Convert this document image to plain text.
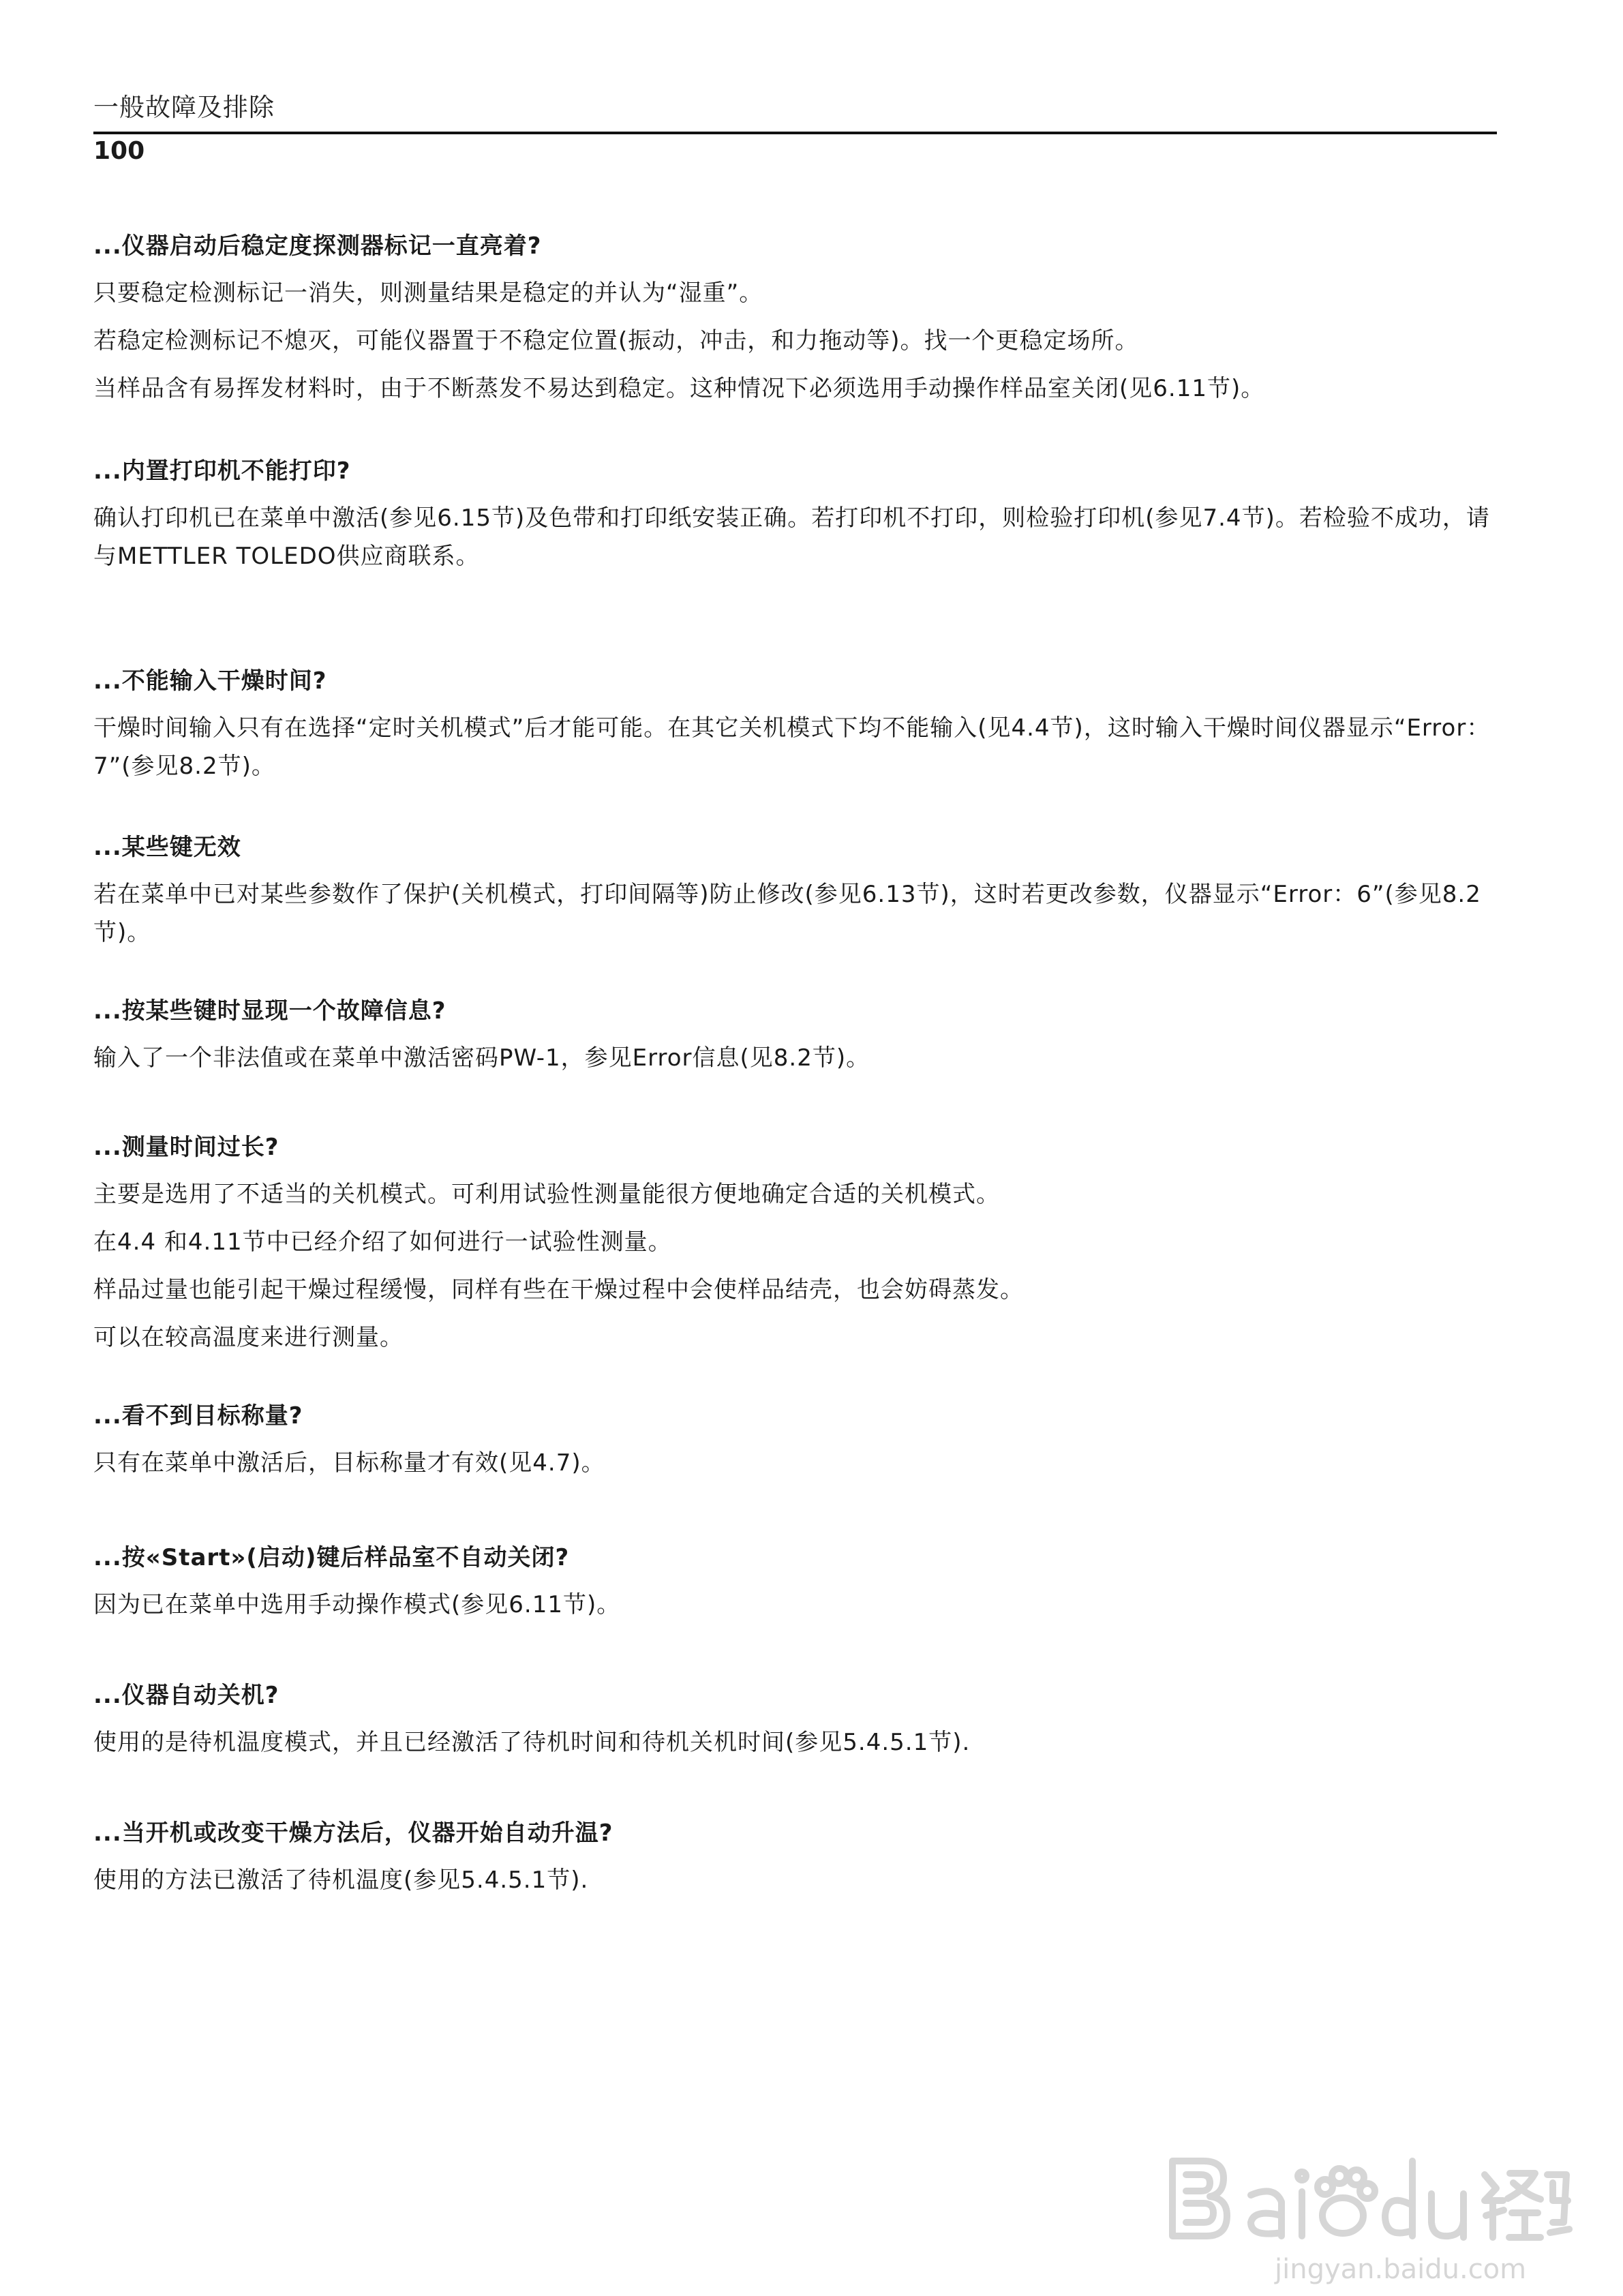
一般故障及排除
100
...仪器启动后稳定度探测器标记一直亮着?

只要稳定检测标记一消失，则测量结果是稳定的并认为“湿重”。

若稳定检测标记不熄灭，可能仪器置于不稳定位置(振动，冲击，和力拖动等)。找一个更稳定场所。

当样品含有易挥发材料时，由于不断蒸发不易达到稳定。这种情况下必须选用手动操作样品室关闭(见6.11节)。

...内置打印机不能打印?

确认打印机已在菜单中激活(参见6.15节)及色带和打印纸安装正确。若打印机不打印，则检验打印机(参见7.4节)。若检验不成功，请与METTLER TOLEDO供应商联系。

...不能输入干燥时间?

干燥时间输入只有在选择“定时关机模式”后才能可能。在其它关机模式下均不能输入(见4.4节)，这时输入干燥时间仪器显示“Error：7”(参见8.2节)。

...某些键无效

若在菜单中已对某些参数作了保护(关机模式，打印间隔等)防止修改(参见6.13节)，这时若更改参数，仪器显示“Error：6”(参见8.2节)。

...按某些键时显现一个故障信息?

输入了一个非法值或在菜单中激活密码PW-1，参见Error信息(见8.2节)。

...测量时间过长?

主要是选用了不适当的关机模式。可利用试验性测量能很方便地确定合适的关机模式。

在4.4 和4.11节中已经介绍了如何进行一试验性测量。

样品过量也能引起干燥过程缓慢，同样有些在干燥过程中会使样品结壳，也会妨碍蒸发。

可以在较高温度来进行测量。

...看不到目标称量?

只有在菜单中激活后，目标称量才有效(见4.7)。

...按«Start»(启动)键后样品室不自动关闭?

因为已在菜单中选用手动操作模式(参见6.11节)。

...仪器自动关机?

使用的是待机温度模式，并且已经激活了待机时间和待机关机时间(参见5.4.5.1节).

...当开机或改变干燥方法后，仪器开始自动升温?

使用的方法已激活了待机温度(参见5.4.5.1节).

jingyan.baidu.com
